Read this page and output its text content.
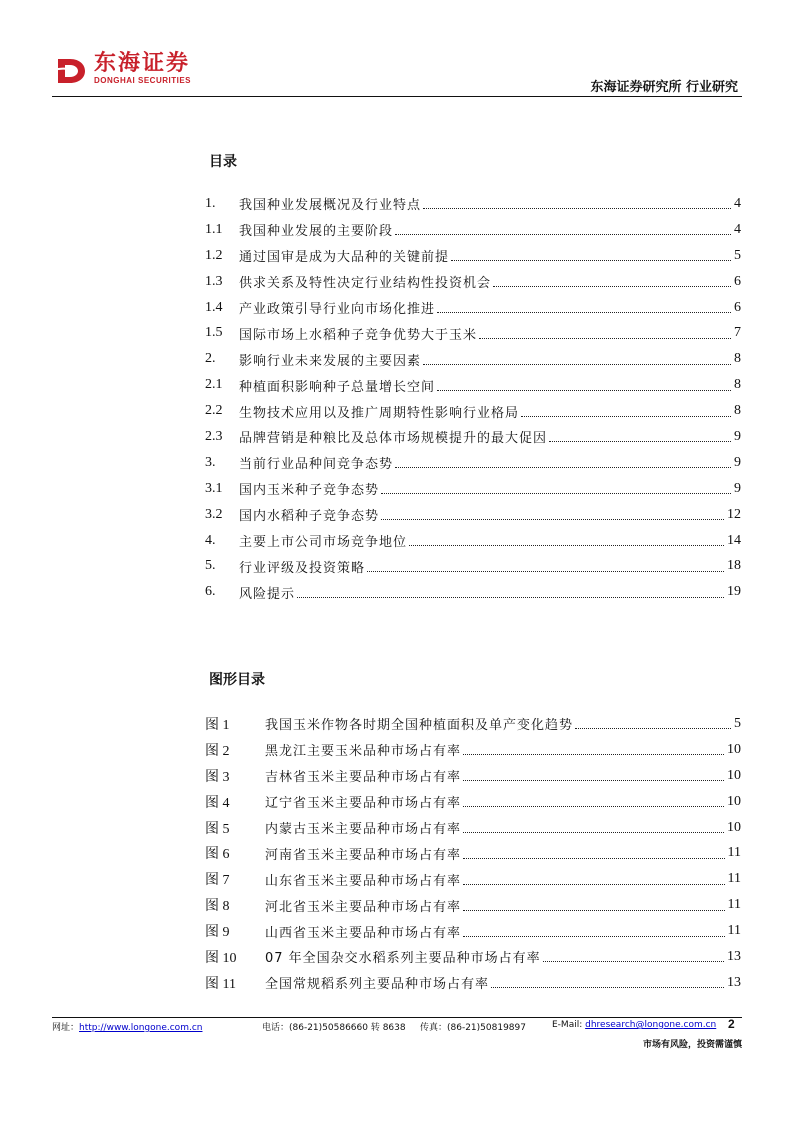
东海证券
DONGHAI SECURITIES	东海证券研究所 行业研究
目录
1.	我国种业发展概况及行业特点	4
1.1	我国种业发展的主要阶段	4
1.2	通过国审是成为大品种的关键前提	5
1.3	供求关系及特性决定行业结构性投资机会	6
1.4	产业政策引导行业向市场化推进	6
1.5	国际市场上水稻种子竞争优势大于玉米	7
2.	影响行业未来发展的主要因素	8
2.1	种植面积影响种子总量增长空间	8
2.2	生物技术应用以及推广周期特性影响行业格局	8
2.3	品牌营销是种粮比及总体市场规模提升的最大促因	9
3.	当前行业品种间竞争态势	9
3.1	国内玉米种子竞争态势	9
3.2	国内水稻种子竞争态势	12
4.	主要上市公司市场竞争地位	14
5.	行业评级及投资策略	18
6.	风险提示	19
图形目录
图 1	我国玉米作物各时期全国种植面积及单产变化趋势	5
图 2	黑龙江主要玉米品种市场占有率	10
图 3	吉林省玉米主要品种市场占有率	10
图 4	辽宁省玉米主要品种市场占有率	10
图 5	内蒙古玉米主要品种市场占有率	10
图 6	河南省玉米主要品种市场占有率	11
图 7	山东省玉米主要品种市场占有率	11
图 8	河北省玉米主要品种市场占有率	11
图 9	山西省玉米主要品种市场占有率	11
图 10	07 年全国杂交水稻系列主要品种市场占有率	13
图 11	全国常规稻系列主要品种市场占有率	13
网址：http://www.longone.com.cn	电话：(86-21)50586660 转 8638 传真：(86-21)50819897	E-Mail: dhresearch@longone.com.cn 2
市场有风险，投资需谨慎
